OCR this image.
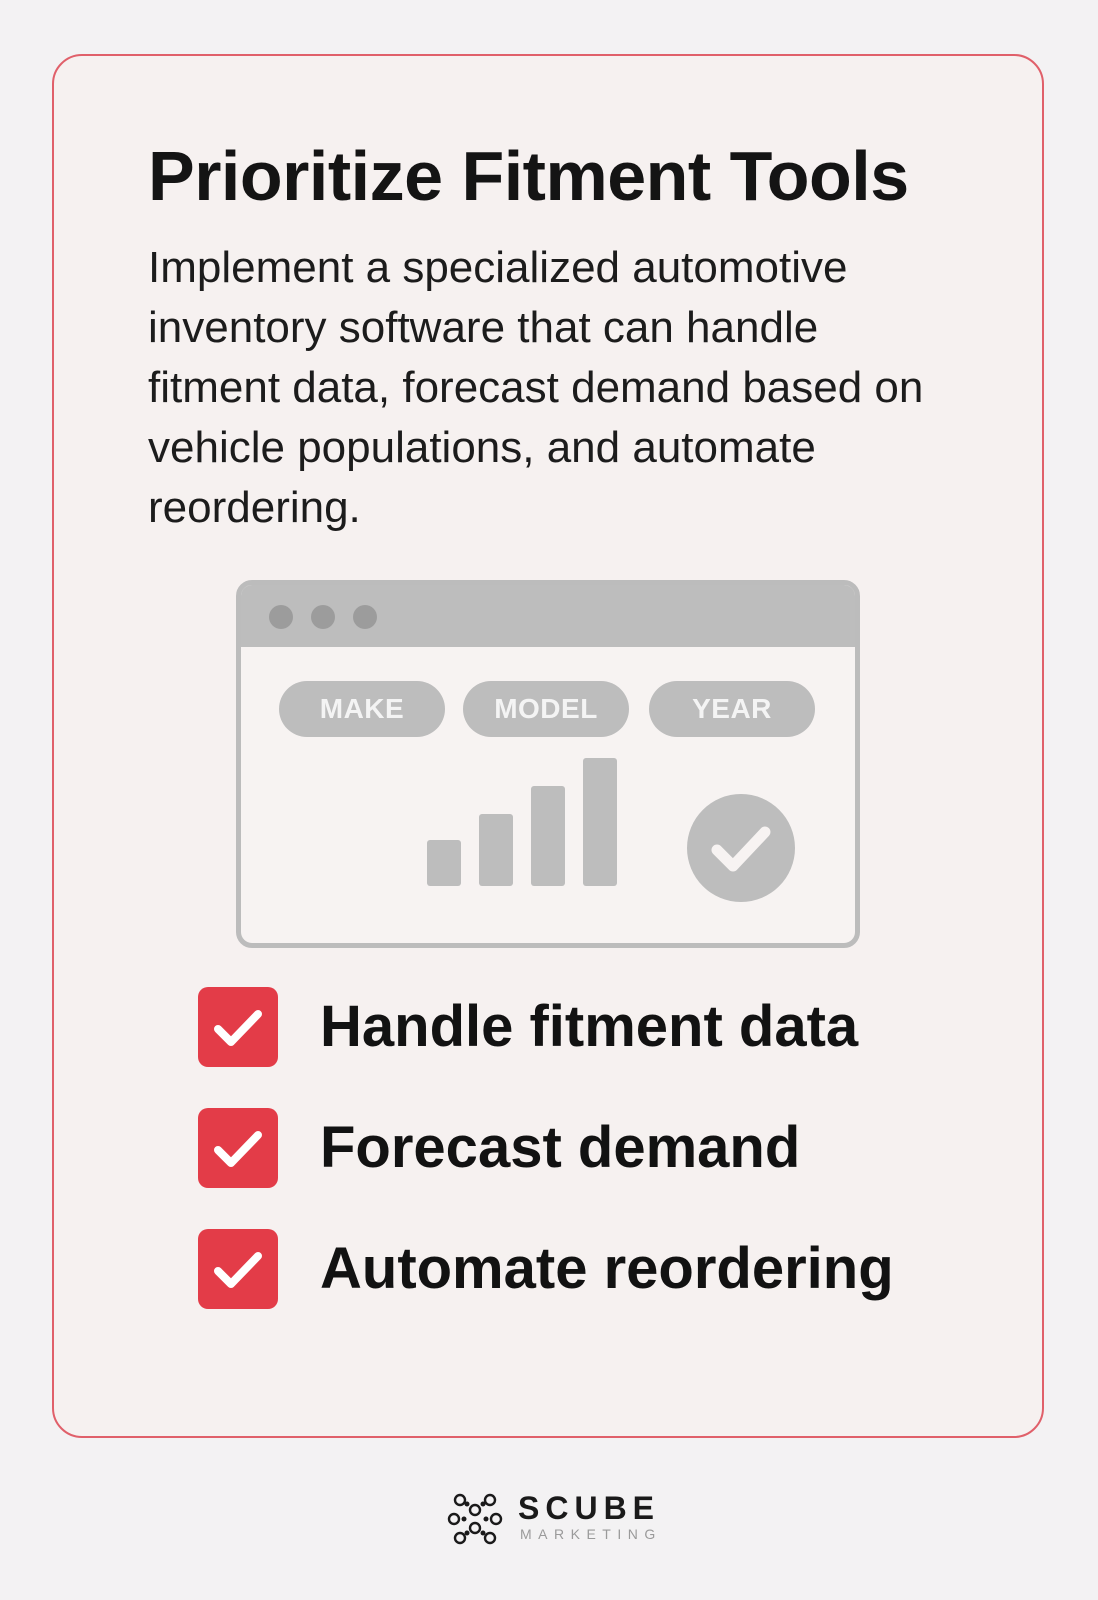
Prioritize Fitment Tools

Implement a specialized automotive inventory software that can handle fitment data, forecast demand based on vehicle populations, and automate reordering.

MAKE	MODEL	YEAR
Handle fitment data
Forecast demand
Automate reordering
SCUBE
MARKETING
